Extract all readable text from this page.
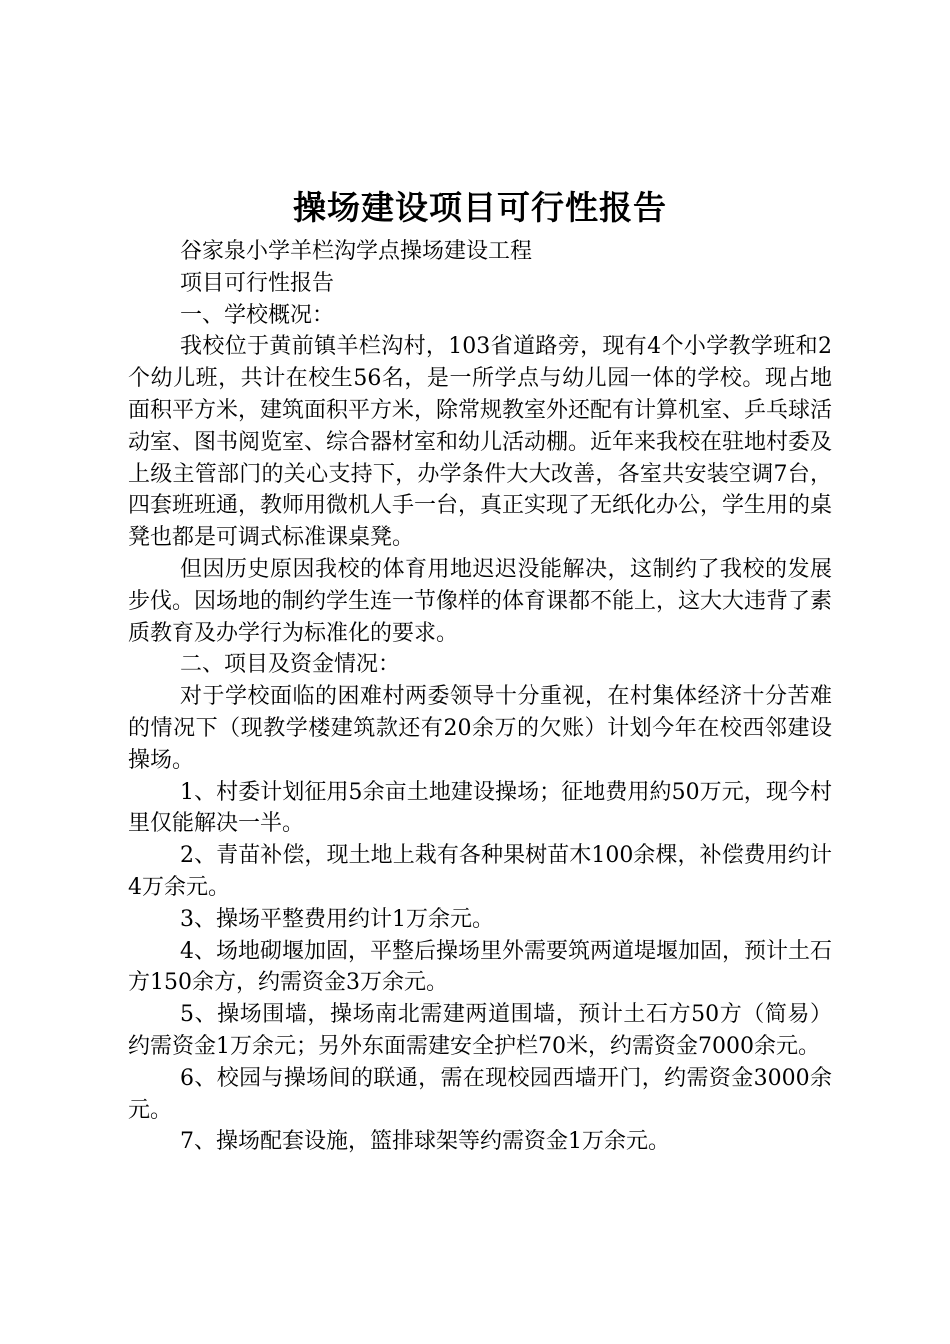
操场建设项目可行性报告

谷家泉小学羊栏沟学点操场建设工程

项目可行性报告

一、学校概况：

我校位于黄前镇羊栏沟村，103省道路旁，现有4个小学教学班和2个幼儿班，共计在校生56名，是一所学点与幼儿园一体的学校。现占地面积平方米，建筑面积平方米，除常规教室外还配有计算机室、乒乓球活动室、图书阅览室、综合器材室和幼儿活动棚。近年来我校在驻地村委及上级主管部门的关心支持下，办学条件大大改善，各室共安装空调7台，四套班班通，教师用微机人手一台，真正实现了无纸化办公，学生用的桌凳也都是可调式标准课桌凳。

但因历史原因我校的体育用地迟迟没能解决，这制约了我校的发展步伐。因场地的制约学生连一节像样的体育课都不能上，这大大违背了素质教育及办学行为标准化的要求。

二、项目及资金情况：

对于学校面临的困难村两委领导十分重视，在村集体经济十分苦难的情况下（现教学楼建筑款还有20余万的欠账）计划今年在校西邻建设操场。

1、村委计划征用5余亩土地建设操场；征地费用約50万元，现今村里仅能解决一半。

2、青苗补偿，现土地上栽有各种果树苗木100余棵，补偿费用约计4万余元。

3、操场平整费用约计1万余元。

4、场地砌堰加固，平整后操场里外需要筑两道堤堰加固，预计土石方150余方，约需资金3万余元。

5、操场围墙，操场南北需建两道围墙，预计土石方50方（简易）约需资金1万余元；另外东面需建安全护栏70米，约需资金7000余元。

6、校园与操场间的联通，需在现校园西墙开门，约需资金3000余元。

7、操场配套设施，篮排球架等约需资金1万余元。
